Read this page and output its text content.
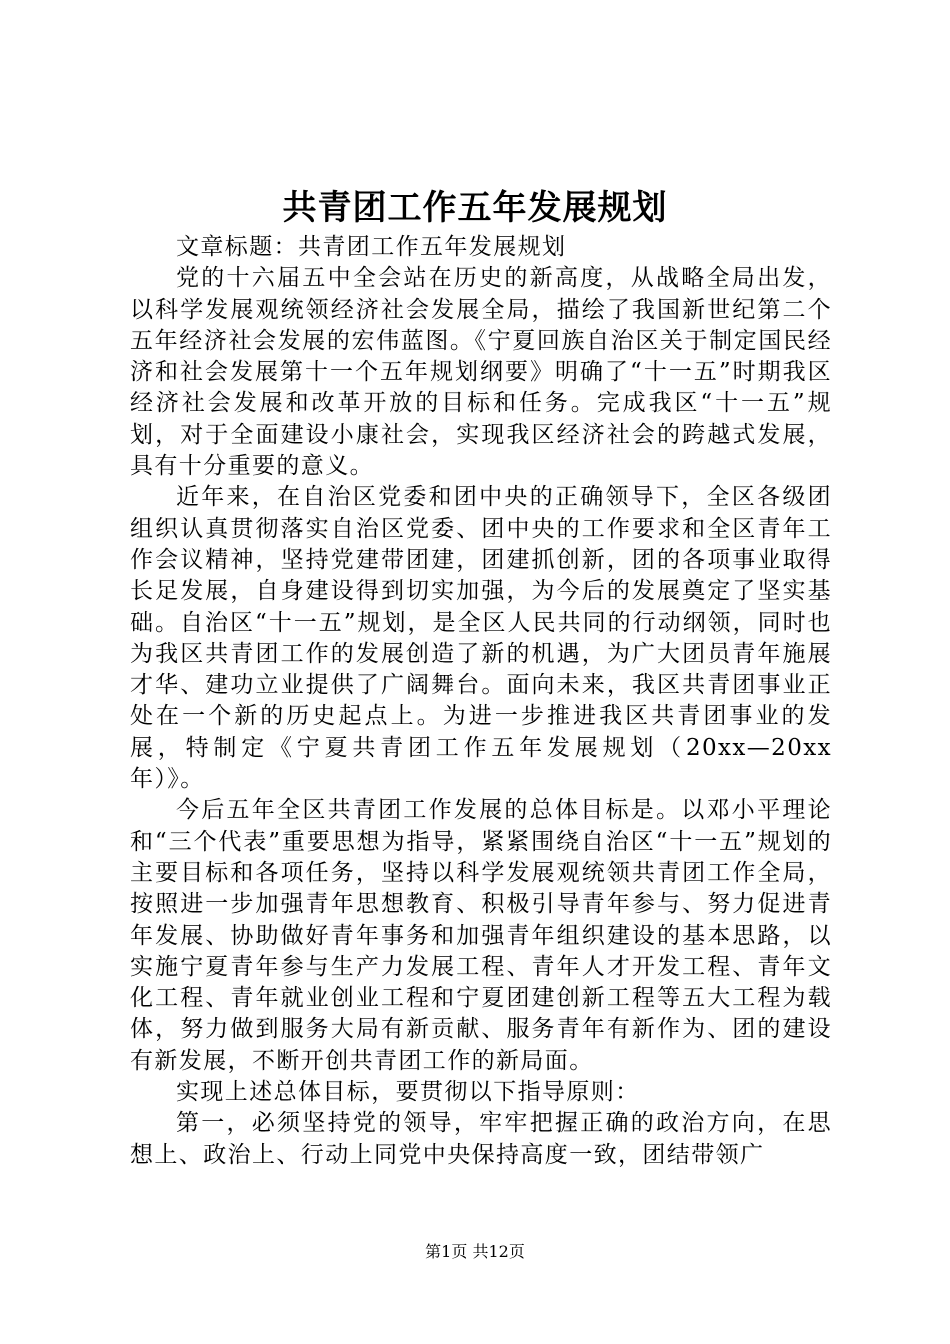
共青团工作五年发展规划

文章标题：共青团工作五年发展规划

党的十六届五中全会站在历史的新高度，从战略全局出发，以科学发展观统领经济社会发展全局，描绘了我国新世纪第二个五年经济社会发展的宏伟蓝图。《宁夏回族自治区关于制定国民经济和社会发展第十一个五年规划纲要》明确了“十一五”时期我区经济社会发展和改革开放的目标和任务。完成我区“十一五”规划，对于全面建设小康社会，实现我区经济社会的跨越式发展，具有十分重要的意义。

近年来，在自治区党委和团中央的正确领导下，全区各级团组织认真贯彻落实自治区党委、团中央的工作要求和全区青年工作会议精神，坚持党建带团建，团建抓创新，团的各项事业取得长足发展，自身建设得到切实加强，为今后的发展奠定了坚实基础。自治区“十一五”规划，是全区人民共同的行动纲领，同时也为我区共青团工作的发展创造了新的机遇，为广大团员青年施展才华、建功立业提供了广阔舞台。面向未来，我区共青团事业正处在一个新的历史起点上。为进一步推进我区共青团事业的发展，特制定《宁夏共青团工作五年发展规划（20xx—20xx年）》。

今后五年全区共青团工作发展的总体目标是。以邓小平理论和“三个代表”重要思想为指导，紧紧围绕自治区“十一五”规划的主要目标和各项任务，坚持以科学发展观统领共青团工作全局，按照进一步加强青年思想教育、积极引导青年参与、努力促进青年发展、协助做好青年事务和加强青年组织建设的基本思路，以实施宁夏青年参与生产力发展工程、青年人才开发工程、青年文化工程、青年就业创业工程和宁夏团建创新工程等五大工程为载体，努力做到服务大局有新贡献、服务青年有新作为、团的建设有新发展，不断开创共青团工作的新局面。

实现上述总体目标，要贯彻以下指导原则：

第一，必须坚持党的领导，牢牢把握正确的政治方向，在思想上、政治上、行动上同党中央保持高度一致，团结带领广

第1页 共12页
